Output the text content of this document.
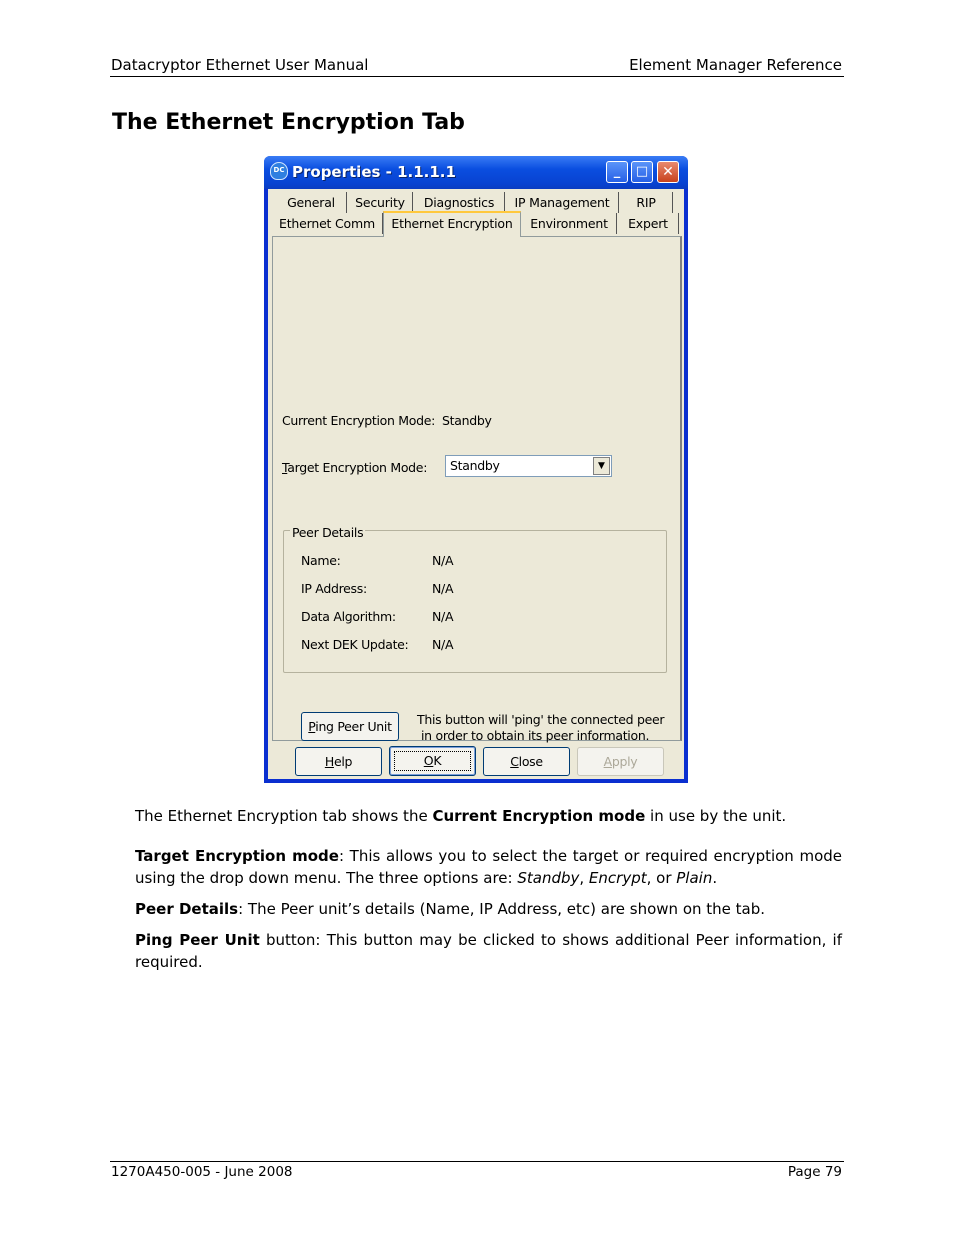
Datacryptor Ethernet User Manual	Element Manager Reference
The Ethernet Encryption Tab
DC Properties - 1.1.1.1	_	□ ✕
General	Security	Diagnostics	IP Management	RIP
Ethernet Comm	Ethernet Encryption	Environment	Expert
Current Encryption Mode: Standby
Target Encryption Mode: Standby	▼
Peer Details
Name:	N/A
IP Address:	N/A
Data Algorithm:	N/A
Next DEK Update: N/A
Ping Peer Unit	This button will 'ping' the connected peer
in order to obtain its peer information.
Help	OK	Close	Apply
The Ethernet Encryption tab shows the Current Encryption mode in use by the unit.
Target Encryption mode: This allows you to select the target or required encryption mode using the drop down menu. The three options are: Standby, Encrypt, or Plain.
Peer Details: The Peer unit’s details (Name, IP Address, etc) are shown on the tab.
Ping Peer Unit button: This button may be clicked to shows additional Peer information, if required.
1270A450-005 - June 2008	Page 79
